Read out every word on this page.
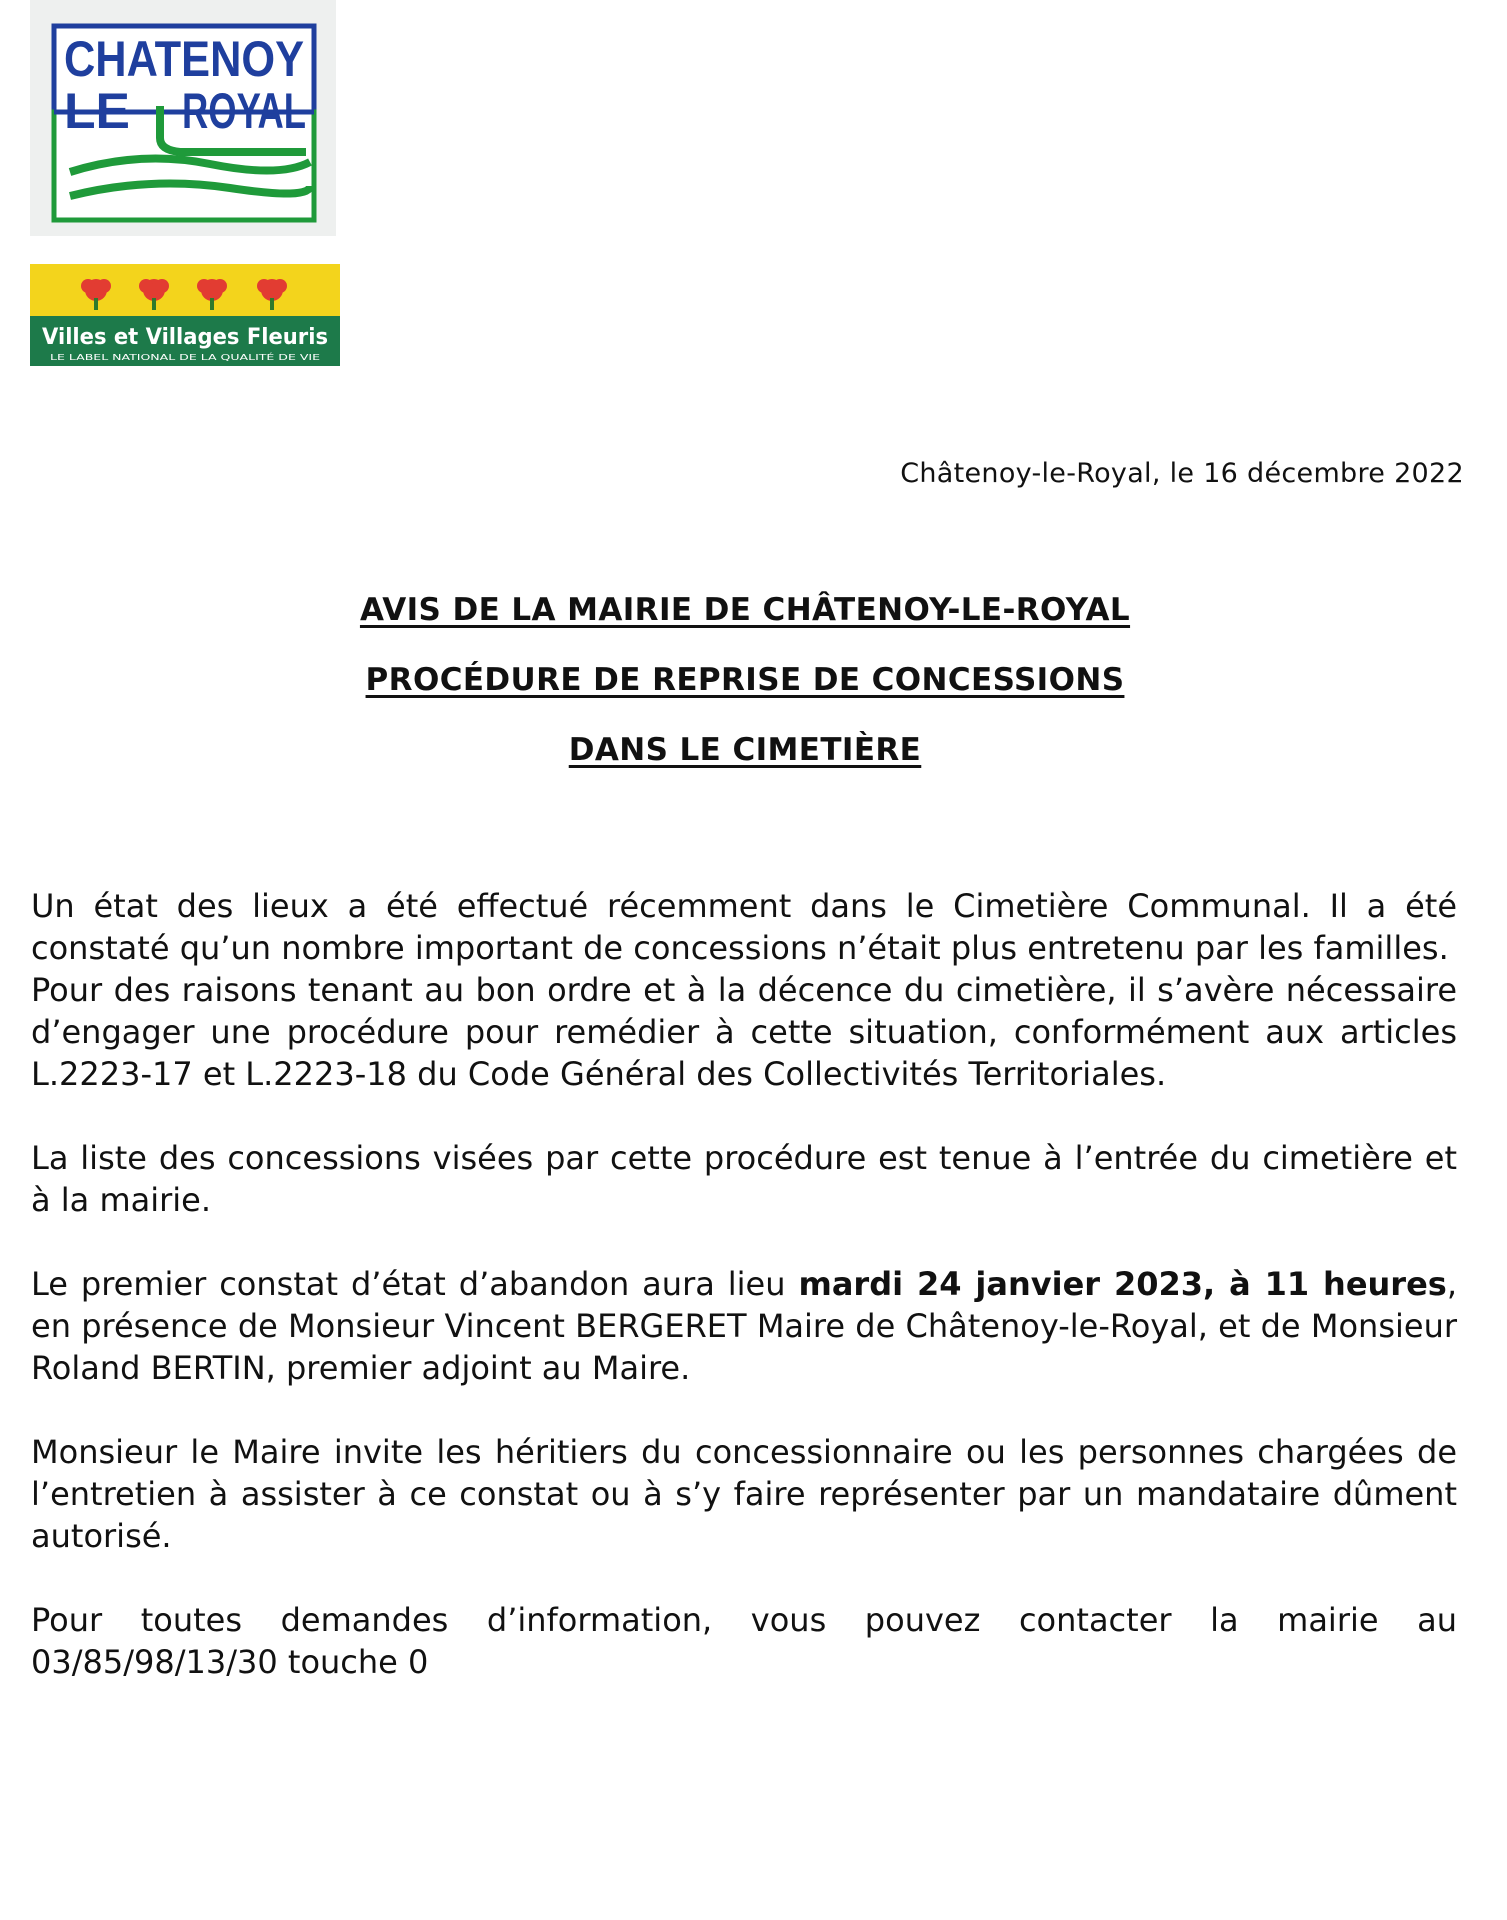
CHATENOY
LE ROYAL
Villes et Villages Fleuris
LE LABEL NATIONAL DE LA QUALITÉ DE VIE
Châtenoy-le-Royal, le 16 décembre 2022
AVIS DE LA MAIRIE DE CHÂTENOY-LE-ROYAL
PROCÉDURE DE REPRISE DE CONCESSIONS
DANS LE CIMETIÈRE

Un état des lieux a été effectué récemment dans le Cimetière Communal. Il a été constaté qu’un nombre important de concessions n’était plus entretenu par les familles.

Pour des raisons tenant au bon ordre et à la décence du cimetière, il s’avère nécessaire d’engager une procédure pour remédier à cette situation, conformément aux articles L.2223-17 et L.2223-18 du Code Général des Collectivités Territoriales.

La liste des concessions visées par cette procédure est tenue à l’entrée du cimetière et à la mairie.

Le premier constat d’état d’abandon aura lieu mardi 24 janvier 2023, à 11 heures, en présence de Monsieur Vincent BERGERET Maire de Châtenoy-le-Royal, et de Monsieur Roland BERTIN, premier adjoint au Maire.

Monsieur le Maire invite les héritiers du concessionnaire ou les personnes chargées de l’entretien à assister à ce constat ou à s’y faire représenter par un mandataire dûment autorisé.

Pour toutes demandes d’information, vous pouvez contacter la mairie au 03/85/98/13/30 touche 0
